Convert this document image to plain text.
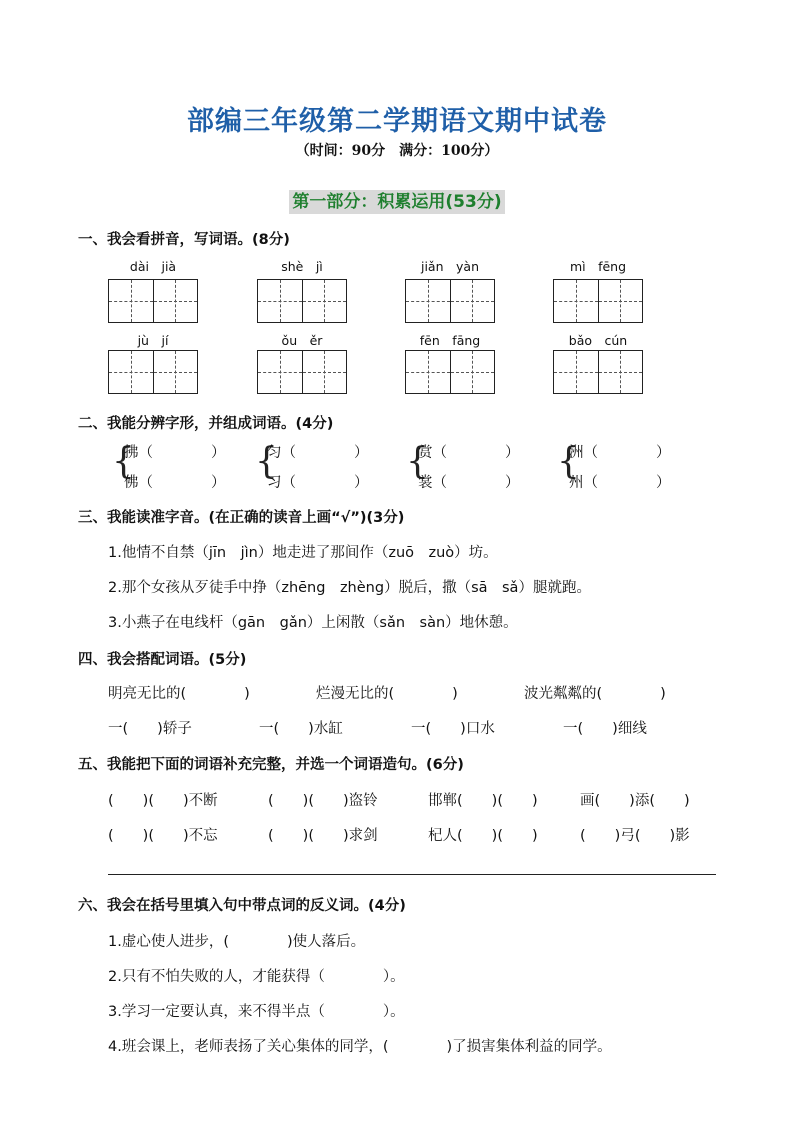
部编三年级第二学期语文期中试卷
（时间：90分　满分：100分）
第一部分：积累运用(53分)
一、我会看拼音，写词语。(8分)
dài　jià	shè　jì	jiǎn　yàn	mì　fēng
jù　jí	ǒu　ěr	fēn　fāng	bǎo　cún
二、我能分辨字形，并组成词语。(4分)
{
拂（　　　　）
佛（　　　　）
{
匀（　　　　）
习（　　　　）
{
赏（　　　　）
裳（　　　　）
{
洲（　　　　）
州（　　　　）
三、我能读准字音。(在正确的读音上画“√”)(3分)
1.他情不自禁（jīn　jìn）地走进了那间作（zuō　zuò）坊。
2.那个女孩从歹徒手中挣（zhēng　zhèng）脱后，撒（sā　sǎ）腿就跑。
3.小燕子在电线杆（gān　gǎn）上闲散（sǎn　sàn）地休憩。
四、我会搭配词语。(5分)
明亮无比的(　　　　)	烂漫无比的(　　　　)	波光粼粼的(　　　　)
一(　　)轿子	一(　　)水缸	一(　　)口水	一(　　)细线
五、我能把下面的词语补充完整，并选一个词语造句。(6分)
(　　)(　　)不断	(　　)(　　)盗铃	邯郸(　　)(　　)	画(　　)添(　　)
(　　)(　　)不忘	(　　)(　　)求剑	杞人(　　)(　　)	(　　)弓(　　)影
六、我会在括号里填入句中带点词的反义词。(4分)
1.虚心使人进步，(　　　　)使人落后。
2.只有不怕失败的人，才能获得（　　　　）。
3.学习一定要认真，来不得半点（　　　　）。
4.班会课上，老师表扬了关心集体的同学，(　　　　)了损害集体利益的同学。
